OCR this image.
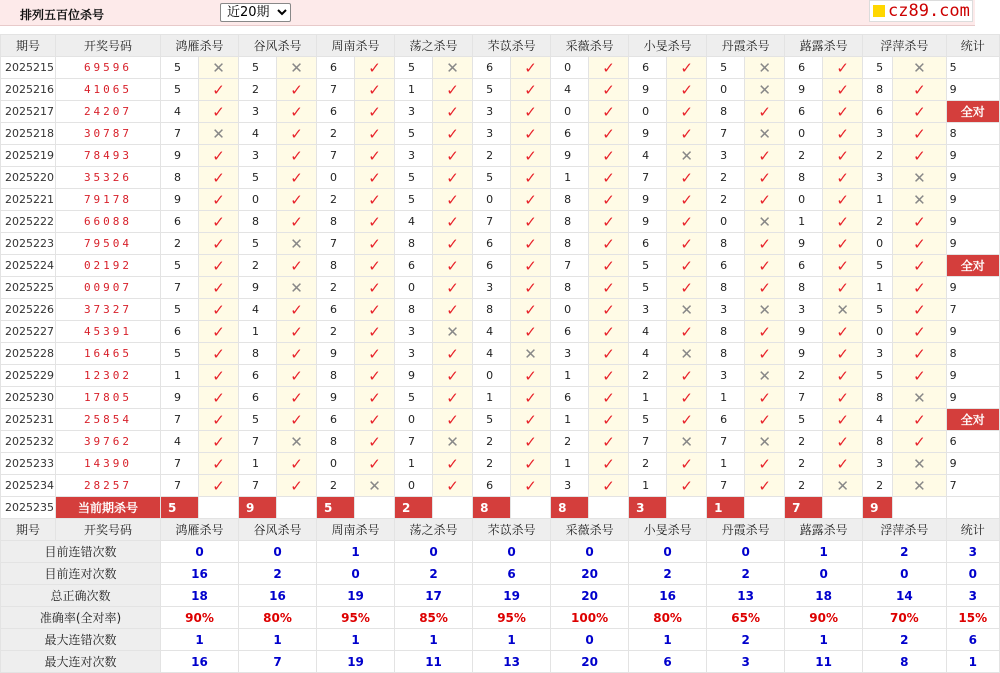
排列五百位杀号
近20期	cz89.com
期号	开奖号码	鸿雁杀号		谷风杀号		周南杀号		荡之杀号		芣苡杀号		采薇杀号		小旻杀号		丹霞杀号		蕗露杀号		浮萍杀号		统计
2025215	69596	5	✕	5	✕	6	✓	5	✕	6	✓	0	✓	6	✓	5	✕	6	✓	5	✕	5
2025216	41065	5	✓	2	✓	7	✓	1	✓	5	✓	4	✓	9	✓	0	✕	9	✓	8	✓	9
2025217	24207	4	✓	3	✓	6	✓	3	✓	3	✓	0	✓	0	✓	8	✓	6	✓	6	✓	全对
2025218	30787	7	✕	4	✓	2	✓	5	✓	3	✓	6	✓	9	✓	7	✕	0	✓	3	✓	8
2025219	78493	9	✓	3	✓	7	✓	3	✓	2	✓	9	✓	4	✕	3	✓	2	✓	2	✓	9
2025220	35326	8	✓	5	✓	0	✓	5	✓	5	✓	1	✓	7	✓	2	✓	8	✓	3	✕	9
2025221	79178	9	✓	0	✓	2	✓	5	✓	0	✓	8	✓	9	✓	2	✓	0	✓	1	✕	9
2025222	66088	6	✓	8	✓	8	✓	4	✓	7	✓	8	✓	9	✓	0	✕	1	✓	2	✓	9
2025223	79504	2	✓	5	✕	7	✓	8	✓	6	✓	8	✓	6	✓	8	✓	9	✓	0	✓	9
2025224	02192	5	✓	2	✓	8	✓	6	✓	6	✓	7	✓	5	✓	6	✓	6	✓	5	✓	全对
2025225	00907	7	✓	9	✕	2	✓	0	✓	3	✓	8	✓	5	✓	8	✓	8	✓	1	✓	9
2025226	37327	5	✓	4	✓	6	✓	8	✓	8	✓	0	✓	3	✕	3	✕	3	✕	5	✓	7
2025227	45391	6	✓	1	✓	2	✓	3	✕	4	✓	6	✓	4	✓	8	✓	9	✓	0	✓	9
2025228	16465	5	✓	8	✓	9	✓	3	✓	4	✕	3	✓	4	✕	8	✓	9	✓	3	✓	8
2025229	12302	1	✓	6	✓	8	✓	9	✓	0	✓	1	✓	2	✓	3	✕	2	✓	5	✓	9
2025230	17805	9	✓	6	✓	9	✓	5	✓	1	✓	6	✓	1	✓	1	✓	7	✓	8	✕	9
2025231	25854	7	✓	5	✓	6	✓	0	✓	5	✓	1	✓	5	✓	6	✓	5	✓	4	✓	全对
2025232	39762	4	✓	7	✕	8	✓	7	✕	2	✓	2	✓	7	✕	7	✕	2	✓	8	✓	6
2025233	14390	7	✓	1	✓	0	✓	1	✓	2	✓	1	✓	2	✓	1	✓	2	✓	3	✕	9
2025234	28257	7	✓	7	✓	2	✕	0	✓	6	✓	3	✓	1	✓	7	✓	2	✕	2	✕	7
2025235	当前期杀号	5		9		5		2		8		8		3		1		7		9		
期号	开奖号码	鸿雁杀号		谷风杀号		周南杀号		荡之杀号		芣苡杀号		采薇杀号		小旻杀号		丹霞杀号		蕗露杀号		浮萍杀号		统计
目前连错次数		0		0		1		0		0		0		0		0		1		2		3
目前连对次数		16		2		0		2		6		20		2		2		0		0		0
总正确次数		18		16		19		17		19		20		16		13		18		14		3
准确率(全对率)		90%		80%		95%		85%		95%		100%		80%		65%		90%		70%		15%
最大连错次数		1		1		1		1		1		0		1		2		1		2		6
最大连对次数		16		7		19		11		13		20		6		3		11		8		1
